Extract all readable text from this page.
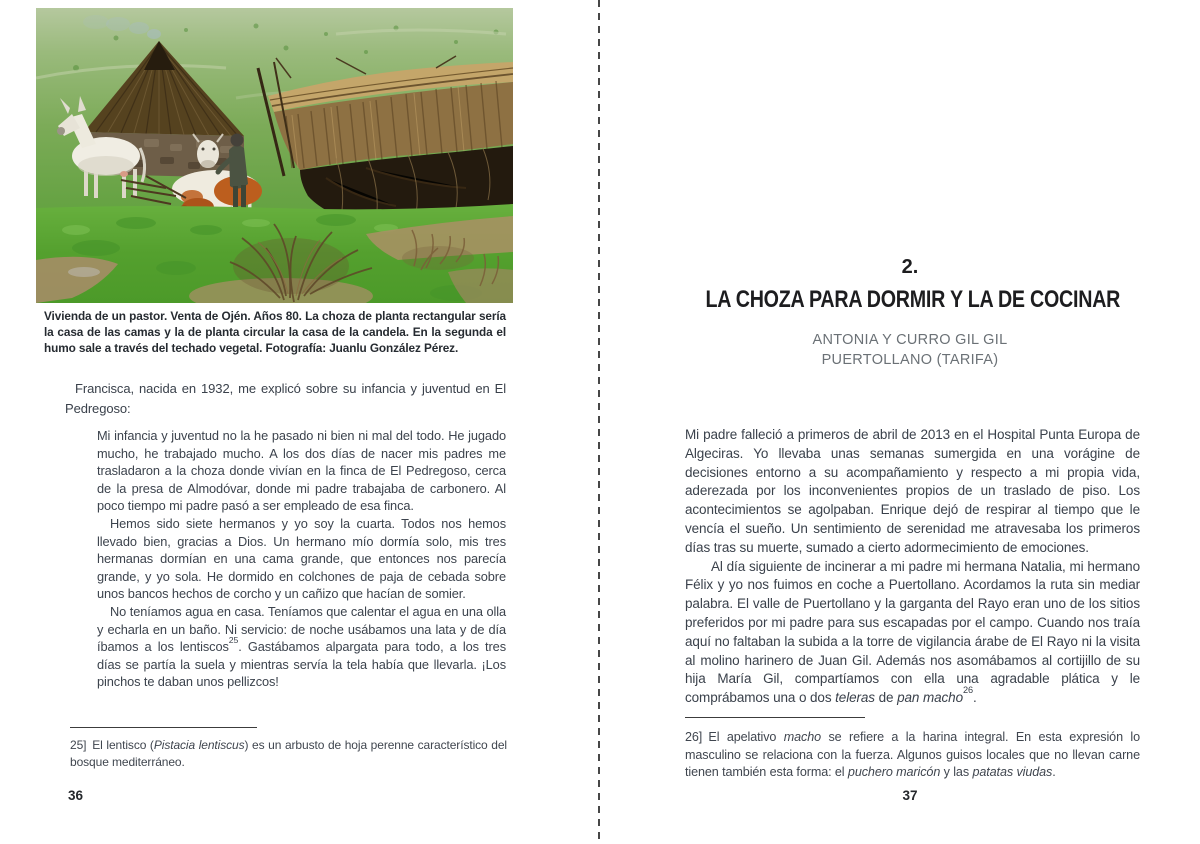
Vivienda de un pastor. Venta de Ojén. Años 80. La choza de planta rectangular sería la casa de las camas y la de planta circular la casa de la candela. En la segunda el humo sale a través del techado vegetal. Fotografía: Juanlu González Pérez.

Francisca, nacida en 1932, me explicó sobre su infancia y juventud en El Pedregoso:

Mi infancia y juventud no la he pasado ni bien ni mal del todo. He jugado mucho, he trabajado mucho. A los dos días de nacer mis padres me trasladaron a la choza donde vivían en la finca de El Pedregoso, cerca de la presa de Almodóvar, donde mi padre trabajaba de carbonero. Al poco tiempo mi padre pasó a ser empleado de esa finca.

Hemos sido siete hermanos y yo soy la cuarta. Todos nos hemos llevado bien, gracias a Dios. Un hermano mío dormía solo, mis tres hermanas dormían en una cama grande, que entonces nos parecía grande, y yo sola. He dormido en colchones de paja de cebada sobre unos bancos hechos de corcho y un cañizo que hacían de somier.

No teníamos agua en casa. Teníamos que calentar el agua en una olla y echarla en un baño. Ni servicio: de noche usábamos una lata y de día íbamos a los lentiscos$^{25}$. Gastábamos alpargata para todo, a los tres días se partía la suela y mientras servía la tela había que llevarla. ¡Los pinchos te daban unos pellizcos!

25] El lentisco (Pistacia lentiscus) es un arbusto de hoja perenne característico del bosque mediterráneo.

36
2.
LA CHOZA PARA DORMIR Y LA DE COCINAR
ANTONIA Y CURRO GIL GIL
PUERTOLLANO (TARIFA)

Mi padre falleció a primeros de abril de 2013 en el Hospital Punta Europa de Algeciras. Yo llevaba unas semanas sumergida en una vorágine de decisiones entorno a su acompañamiento y respecto a mi propia vida, aderezada por los inconvenientes propios de un traslado de piso. Los acontecimientos se agolpaban. Enrique dejó de respirar al tiempo que le vencía el sueño. Un sentimiento de serenidad me atravesaba los primeros días tras su muerte, sumado a cierto adormecimiento de emociones.

Al día siguiente de incinerar a mi padre mi hermana Natalia, mi hermano Félix y yo nos fuimos en coche a Puertollano. Acordamos la ruta sin mediar palabra. El valle de Puertollano y la garganta del Rayo eran uno de los sitios preferidos por mi padre para sus escapadas por el campo. Cuando nos traía aquí no faltaban la subida a la torre de vigilancia árabe de El Rayo ni la visita al molino harinero de Juan Gil. Además nos asomábamos al cortijillo de su hija María Gil, compartíamos con ella una agradable plática y le comprábamos una o dos teleras de pan macho$^{26}$.

26] El apelativo macho se refiere a la harina integral. En esta expresión lo masculino se relaciona con la fuerza. Algunos guisos locales que no llevan carne tienen también esta forma: el puchero maricón y las patatas viudas.

37
